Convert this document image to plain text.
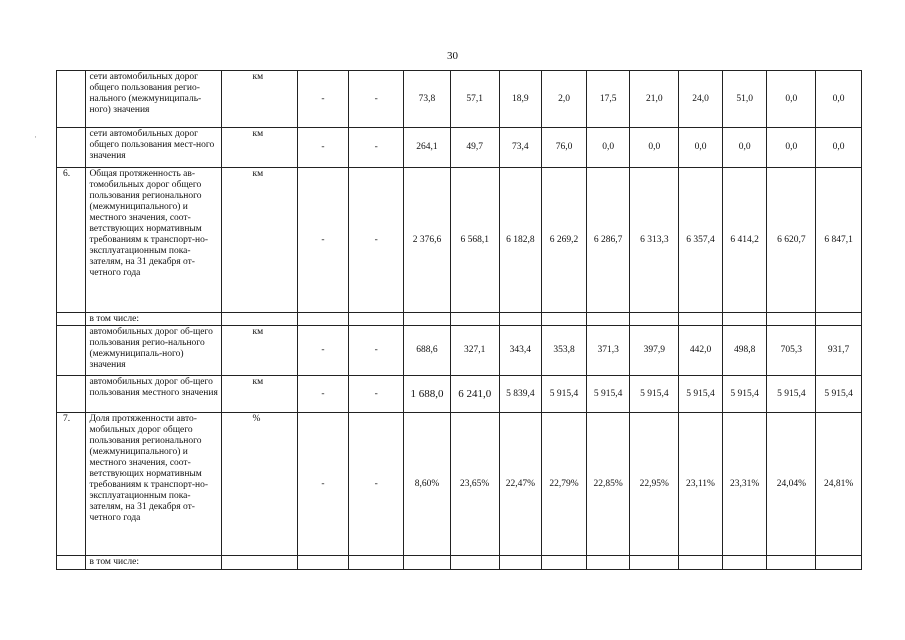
30
·
	сети автомобильных дорог общего пользования регио-нального (межмуниципаль-ного) значения	км	-	-	73,8	57,1	18,9	2,0	17,5	21,0	24,0	51,0	0,0	0,0
	сети автомобильных дорог общего пользования мест-ного значения	км	-	-	264,1	49,7	73,4	76,0	0,0	0,0	0,0	0,0	0,0	0,0
6.	Общая протяженность ав-томобильных дорог общего пользования регионального (межмуниципального) и местного значения, соот-ветствующих нормативным требованиям к транспорт-но-эксплуатационным пока-зателям, на 31 декабря от-четного года	км	-	-	2 376,6	6 568,1	6 182,8	6 269,2	6 286,7	6 313,3	6 357,4	6 414,2	6 620,7	6 847,1
	в том числе:													
	автомобильных дорог об-щего пользования регио-нального (межмуниципаль-ного) значения	км	-	-	688,6	327,1	343,4	353,8	371,3	397,9	442,0	498,8	705,3	931,7
	автомобильных дорог об-щего пользования местного значения	км	-	-	1 688,0	6 241,0	5 839,4	5 915,4	5 915,4	5 915,4	5 915,4	5 915,4	5 915,4	5 915,4
7.	Доля протяженности авто-мобильных дорог общего пользования регионального (межмуниципального) и местного значения, соот-ветствующих нормативным требованиям к транспорт-но-эксплуатационным пока-зателям, на 31 декабря от-четного года	%	-	-	8,60%	23,65%	22,47%	22,79%	22,85%	22,95%	23,11%	23,31%	24,04%	24,81%
	в том числе:													
